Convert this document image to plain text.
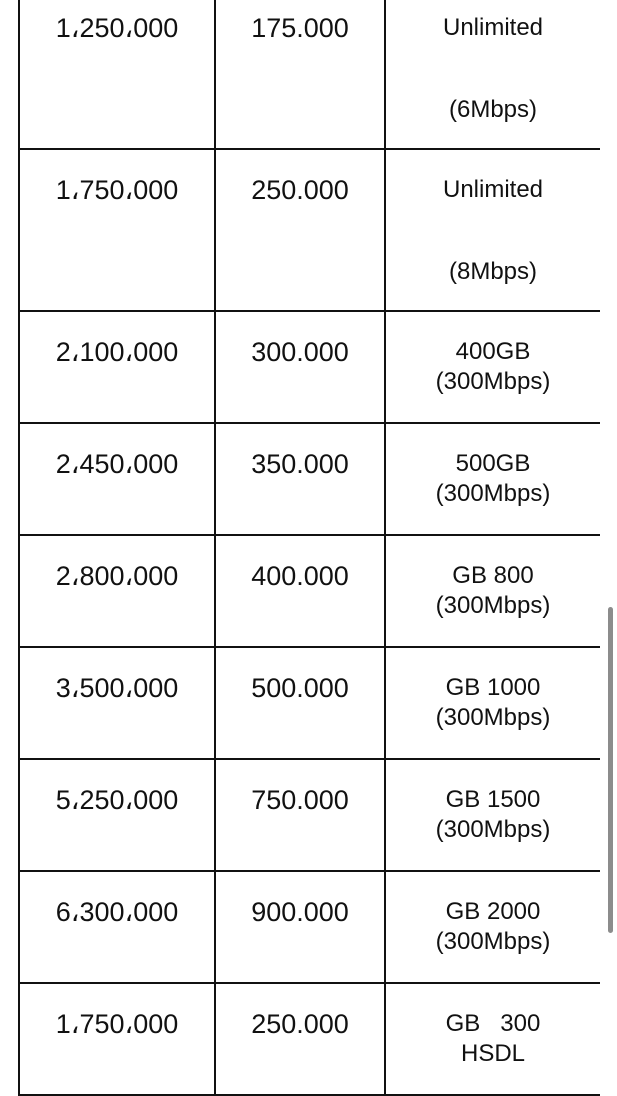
1،250،000	175.000	Unlimited
(6Mbps)

1،750،000	250.000	Unlimited
(8Mbps)

2،100،000	300.000	400GB
(300Mbps)

2،450،000	350.000	500GB
(300Mbps)

2،800،000	400.000	GB 800
(300Mbps)

3،500،000	500.000	GB 1000
(300Mbps)

5،250،000	750.000	GB 1500
(300Mbps)

6،300،000	900.000	GB 2000
(300Mbps)

1،750،000	250.000	GB   300
HSDL
